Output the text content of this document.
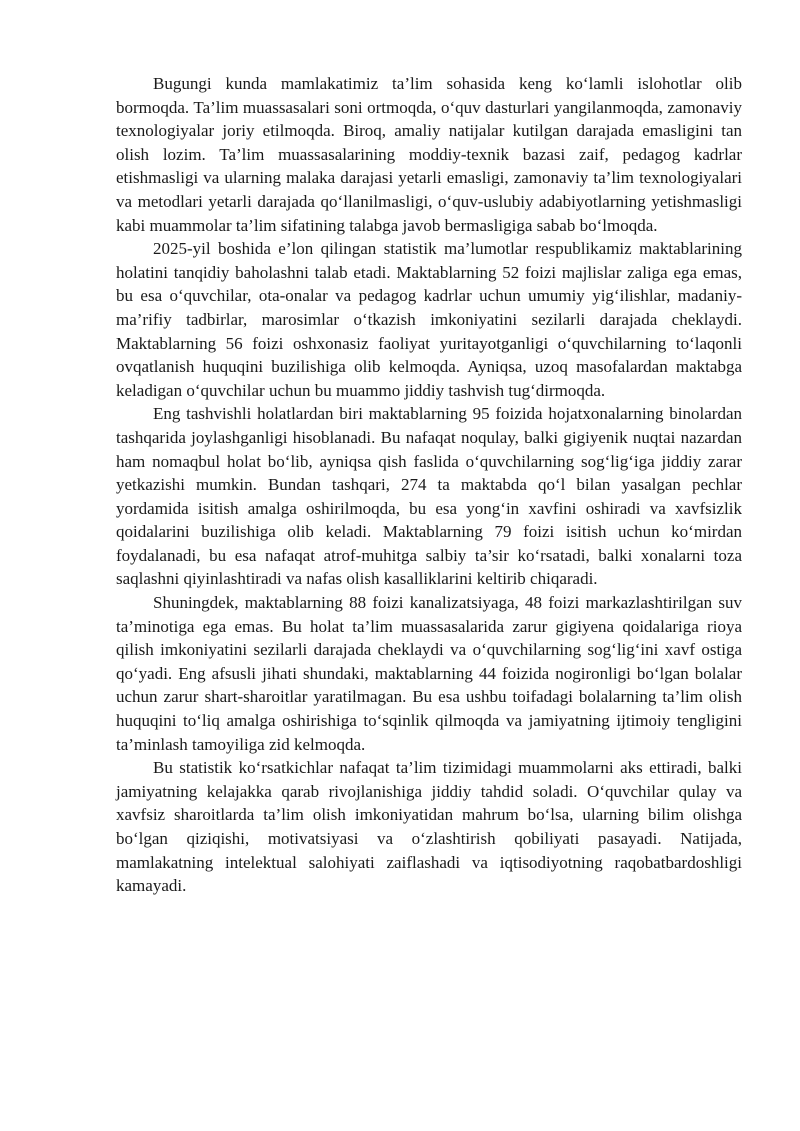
Bugungi kunda mamlakatimiz ta’lim sohasida keng ko‘lamli islohotlar olib bormoqda. Ta’lim muassasalari soni ortmoqda, o‘quv dasturlari yangilanmoqda, zamonaviy texnologiyalar joriy etilmoqda. Biroq, amaliy natijalar kutilgan darajada emasligini tan olish lozim. Ta’lim muassasalarining moddiy-texnik bazasi zaif, pedagog kadrlar etishmasligi va ularning malaka darajasi yetarli emasligi, zamonaviy ta’lim texnologiyalari va metodlari yetarli darajada qo‘llanilmasligi, o‘quv-uslubiy adabiyotlarning yetishmasligi kabi muammolar ta’lim sifatining talabga javob bermasligiga sabab bo‘lmoqda.

2025-yil boshida e’lon qilingan statistik ma’lumotlar respublikamiz maktablarining holatini tanqidiy baholashni talab etadi. Maktablarning 52 foizi majlislar zaliga ega emas, bu esa o‘quvchilar, ota-onalar va pedagog kadrlar uchun umumiy yig‘ilishlar, madaniy-ma’rifiy tadbirlar, marosimlar o‘tkazish imkoniyatini sezilarli darajada cheklaydi. Maktablarning 56 foizi oshxonasiz faoliyat yuritayotganligi o‘quvchilarning to‘laqonli ovqatlanish huquqini buzilishiga olib kelmoqda. Ayniqsa, uzoq masofalardan maktabga keladigan o‘quvchilar uchun bu muammo jiddiy tashvish tug‘dirmoqda.

Eng tashvishli holatlardan biri maktablarning 95 foizida hojatxonalarning binolardan tashqarida joylashganligi hisoblanadi. Bu nafaqat noqulay, balki gigiyenik nuqtai nazardan ham nomaqbul holat bo‘lib, ayniqsa qish faslida o‘quvchilarning sog‘lig‘iga jiddiy zarar yetkazishi mumkin. Bundan tashqari, 274 ta maktabda qo‘l bilan yasalgan pechlar yordamida isitish amalga oshirilmoqda, bu esa yong‘in xavfini oshiradi va xavfsizlik qoidalarini buzilishiga olib keladi. Maktablarning 79 foizi isitish uchun ko‘mirdan foydalanadi, bu esa nafaqat atrof-muhitga salbiy ta’sir ko‘rsatadi, balki xonalarni toza saqlashni qiyinlashtiradi va nafas olish kasalliklarini keltirib chiqaradi.

Shuningdek, maktablarning 88 foizi kanalizatsiyaga, 48 foizi markazlashtirilgan suv ta’minotiga ega emas. Bu holat ta’lim muassasalarida zarur gigiyena qoidalariga rioya qilish imkoniyatini sezilarli darajada cheklaydi va o‘quvchilarning sog‘lig‘ini xavf ostiga qo‘yadi. Eng afsusli jihati shundaki, maktablarning 44 foizida nogironligi bo‘lgan bolalar uchun zarur shart-sharoitlar yaratilmagan. Bu esa ushbu toifadagi bolalarning ta’lim olish huquqini to‘liq amalga oshirishiga to‘sqinlik qilmoqda va jamiyatning ijtimoiy tengligini ta’minlash tamoyiliga zid kelmoqda.

Bu statistik ko‘rsatkichlar nafaqat ta’lim tizimidagi muammolarni aks ettiradi, balki jamiyatning kelajakka qarab rivojlanishiga jiddiy tahdid soladi. O‘quvchilar qulay va xavfsiz sharoitlarda ta’lim olish imkoniyatidan mahrum bo‘lsa, ularning bilim olishga bo‘lgan qiziqishi, motivatsiyasi va o‘zlashtirish qobiliyati pasayadi. Natijada, mamlakatning intelektual salohiyati zaiflashadi va iqtisodiyotning raqobatbardoshligi kamayadi.
